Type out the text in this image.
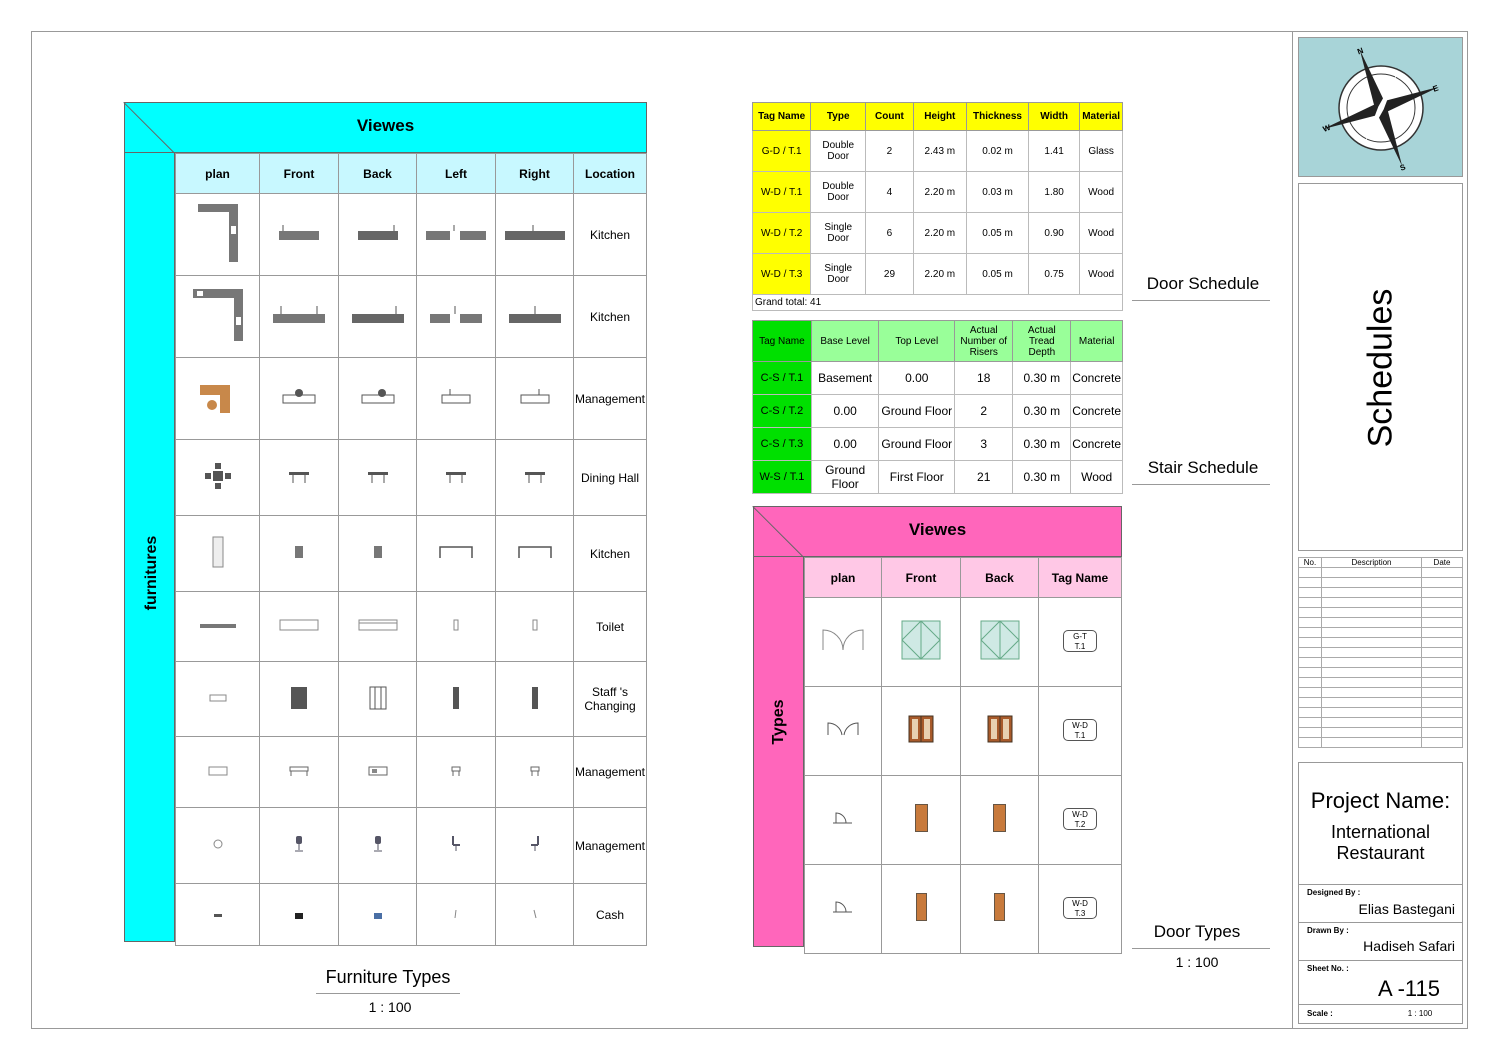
furnitures
Viewes
plan	Front	Back	Left	Right	Location
					Kitchen
					Kitchen
					Management
					Dining Hall
					Kitchen
					Toilet
					Staff 's Changing
					Management
					Management
					Cash
Furniture Types
1 : 100
Tag Name	Type	Count	Height	Thickness	Width	Material
G-D / T.1	Double Door	2	2.43 m	0.02 m	1.41	Glass
W-D / T.1	Double Door	4	2.20 m	0.03 m	1.80	Wood
W-D / T.2	Single Door	6	2.20 m	0.05 m	0.90	Wood
W-D / T.3	Single Door	29	2.20 m	0.05 m	0.75	Wood
Grand total: 41						
Door Schedule
Tag Name	Base Level	Top Level	Actual Number of Risers	Actual Tread Depth	Material
C-S / T.1	Basement	0.00	18	0.30 m	Concrete
C-S / T.2	0.00	Ground Floor	2	0.30 m	Concrete
C-S / T.3	0.00	Ground Floor	3	0.30 m	Concrete
W-S / T.1	Ground Floor	First Floor	21	0.30 m	Wood	Stair Schedule
Types
Viewes
plan	Front	Back	Tag Name
			G-T
T.1
			W-D
T.1
			W-D
T.2
			W-D
T.3
Door Types
1 : 100
N
E
S
W
Schedules
No.	Description	Date

Project Name:
International Restaurant
Designed By :
Elias Bastegani
Drawn By :
Hadiseh Safari
Sheet No. :
A -115
Scale :	1 : 100
